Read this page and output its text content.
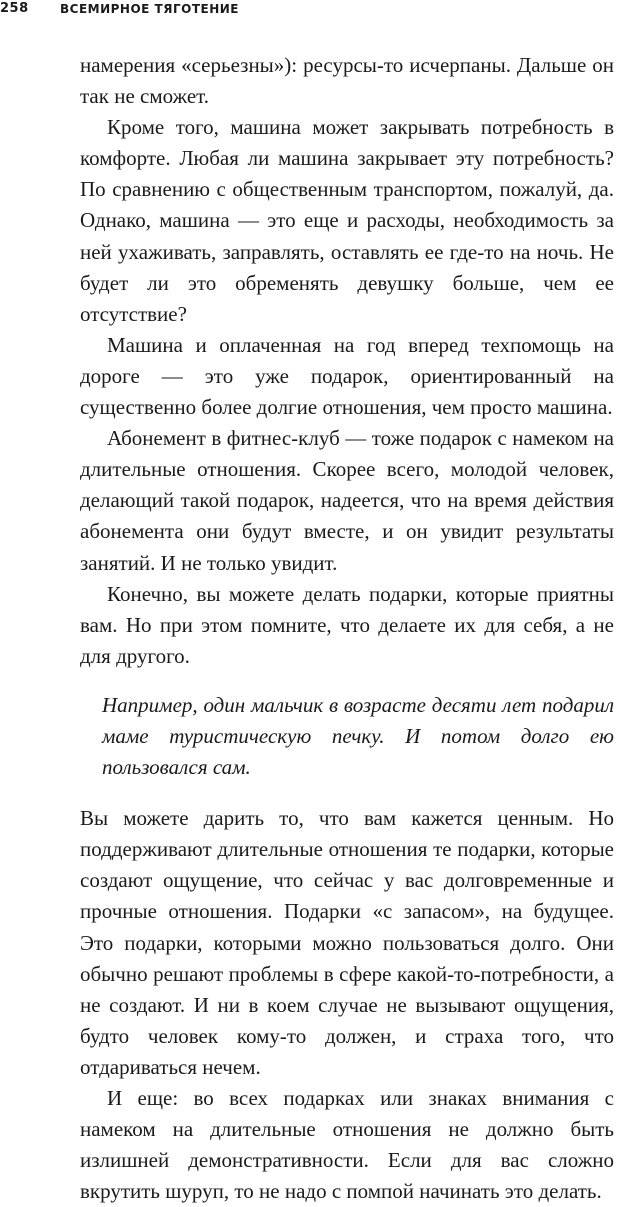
258	ВСЕМИРНОЕ ТЯГОТЕНИЕ

намерения «серьезны»): ресурсы-то исчерпаны. Дальше он так не сможет.

Кроме того, машина может закрывать потребность в комфорте. Любая ли машина закрывает эту потребность? По сравнению с общественным транспортом, пожалуй, да. Однако, машина — это еще и расходы, необходимость за ней ухаживать, заправлять, оставлять ее где-то на ночь. Не будет ли это обременять девушку больше, чем ее отсутствие?

Машина и оплаченная на год вперед техпомощь на дороге — это уже подарок, ориентированный на существенно более долгие отношения, чем просто машина.

Абонемент в фитнес-клуб — тоже подарок с намеком на длительные отношения. Скорее всего, молодой человек, делающий такой подарок, надеется, что на время действия абонемента они будут вместе, и он увидит результаты занятий. И не только увидит.

Конечно, вы можете делать подарки, которые приятны вам. Но при этом помните, что делаете их для себя, а не для другого.

Например, один мальчик в возрасте десяти лет подарил маме туристическую печку. И потом долго ею пользовался сам.

Вы можете дарить то, что вам кажется ценным. Но поддерживают длительные отношения те подарки, которые создают ощущение, что сейчас у вас долговременные и прочные отношения. Подарки «с запасом», на будущее. Это подарки, которыми можно пользоваться долго. Они обычно решают проблемы в сфере какой-то-потребности, а не создают. И ни в коем случае не вызывают ощущения, будто человек кому-то должен, и страха того, что отдариваться нечем.

И еще: во всех подарках или знаках внимания с намеком на длительные отношения не должно быть излишней демонстративности. Если для вас сложно вкрутить шуруп, то не надо с помпой начинать это делать.
